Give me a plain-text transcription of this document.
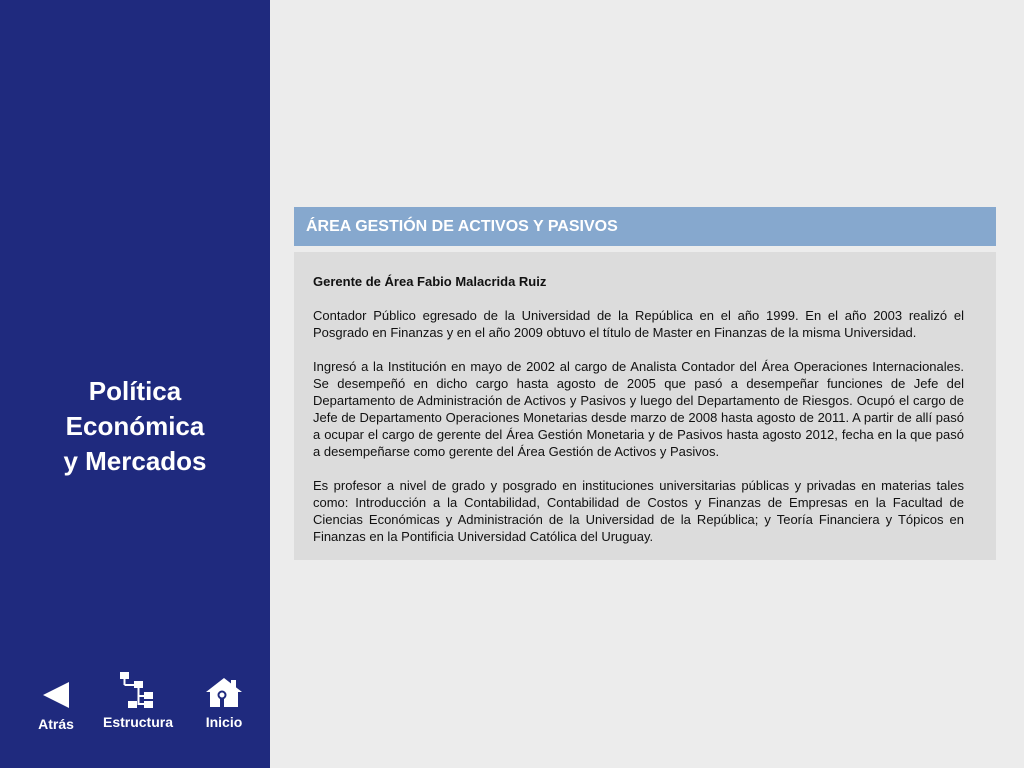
Política
Económica
y Mercados
Atrás	Estructura	Inicio
ÁREA GESTIÓN DE ACTIVOS Y PASIVOS
Gerente de Área Fabio Malacrida Ruiz

Contador Público egresado de la Universidad de la República en el año 1999. En el año 2003 realizó el Posgrado en Finanzas y en el año 2009 obtuvo el título de Master en Finanzas de la misma Universidad.

Ingresó a la Institución en mayo de 2002 al cargo de Analista Contador del Área Operaciones Internacionales. Se desempeñó en dicho cargo hasta agosto de 2005 que pasó a desempeñar funciones de Jefe del Departamento de Administración de Activos y Pasivos y luego del Departamento de Riesgos. Ocupó el cargo de Jefe de Departamento Operaciones Monetarias desde marzo de 2008 hasta agosto de 2011. A partir de allí pasó a ocupar el cargo de gerente del Área Gestión Monetaria y de Pasivos hasta agosto 2012, fecha en la que pasó a desempeñarse como gerente del Área Gestión de Activos y Pasivos.

Es profesor a nivel de grado y posgrado en instituciones universitarias públicas y privadas en materias tales como: Introducción a la Contabilidad, Contabilidad de Costos y Finanzas de Empresas en la Facultad de Ciencias Económicas y Administración de la Universidad de la República; y Teoría Financiera y Tópicos en Finanzas en la Pontificia Universidad Católica del Uruguay.
